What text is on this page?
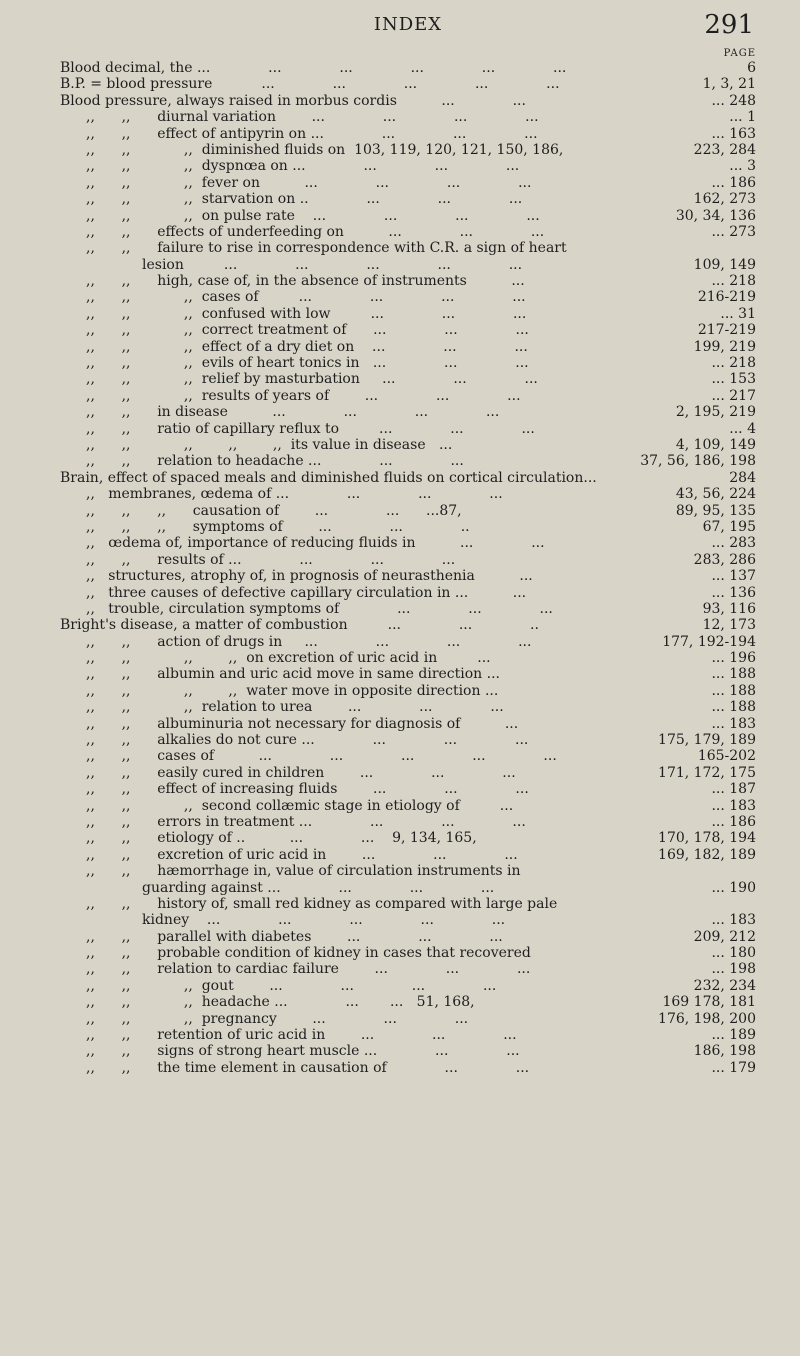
INDEX	291
PAGE
Blood decimal, the ...             ...             ...             ...             ...             ...	6
B.P. = blood pressure           ...             ...             ...             ...             ...	1, 3, 21
Blood pressure, always raised in morbus cordis          ...             ...	... 248
,,      ,,      diurnal variation        ...             ...             ...             ...	... 1
,,      ,,      effect of antipyrin on ...             ...             ...             ...	... 163
,,      ,,            ,,  diminished fluids on  103, 119, 120, 121, 150, 186,	223, 284
,,      ,,            ,,  dyspnœa on ...             ...             ...             ...	... 3
,,      ,,            ,,  fever on          ...             ...             ...             ...	... 186
,,      ,,            ,,  starvation on ..             ...             ...             ...	162, 273
,,      ,,            ,,  on pulse rate    ...             ...             ...             ...	30, 34, 136
,,      ,,      effects of underfeeding on          ...             ...             ...	... 273
,,      ,,      failure to rise in correspondence with C.R. a sign of heart
lesion         ...             ...             ...             ...             ...	109, 149
,,      ,,      high, case of, in the absence of instruments          ...	... 218
,,      ,,            ,,  cases of         ...             ...             ...             ...	216-219
,,      ,,            ,,  confused with low         ...             ...             ...	... 31
,,      ,,            ,,  correct treatment of      ...             ...             ...	217-219
,,      ,,            ,,  effect of a dry diet on    ...             ...             ...	199, 219
,,      ,,            ,,  evils of heart tonics in   ...             ...             ...	... 218
,,      ,,            ,,  relief by masturbation     ...             ...             ...	... 153
,,      ,,            ,,  results of years of        ...             ...             ...	... 217
,,      ,,      in disease          ...             ...             ...             ...	2, 195, 219
,,      ,,      ratio of capillary reflux to         ...             ...             ...	... 4
,,      ,,            ,,        ,,        ,,  its value in disease   ...	4, 109, 149
,,      ,,      relation to headache ...             ...             ...	37, 56, 186, 198
Brain, effect of spaced meals and diminished fluids on cortical circulation...	284
,,   membranes, œdema of ...             ...             ...             ...	43, 56, 224
,,      ,,      ,,      causation of        ...             ...      ...87,	89, 95, 135
,,      ,,      ,,      symptoms of        ...             ...             ..	67, 195
,,   œdema of, importance of reducing fluids in          ...             ...	... 283
,,      ,,      results of ...             ...             ...             ...	283, 286
,,   structures, atrophy of, in prognosis of neurasthenia          ...	... 137
,,   three causes of defective capillary circulation in ...          ...	... 136
,,   trouble, circulation symptoms of             ...             ...             ...	93, 116
Bright's disease, a matter of combustion         ...             ...             ..	12, 173
,,      ,,      action of drugs in     ...             ...             ...             ...	177, 192-194
,,      ,,            ,,        ,,  on excretion of uric acid in         ...	... 196
,,      ,,      albumin and uric acid move in same direction ...	... 188
,,      ,,            ,,        ,,  water move in opposite direction ...	... 188
,,      ,,            ,,  relation to urea        ...             ...             ...	... 188
,,      ,,      albuminuria not necessary for diagnosis of          ...	... 183
,,      ,,      alkalies do not cure ...             ...             ...             ...	175, 179, 189
,,      ,,      cases of          ...             ...             ...             ...             ...	165-202
,,      ,,      easily cured in children        ...             ...             ...	171, 172, 175
,,      ,,      effect of increasing fluids        ...             ...             ...	... 187
,,      ,,            ,,  second collæmic stage in etiology of         ...	... 183
,,      ,,      errors in treatment ...             ...             ...             ...	... 186
,,      ,,      etiology of ..          ...             ...    9, 134, 165,	170, 178, 194
,,      ,,      excretion of uric acid in        ...             ...             ...	169, 182, 189
,,      ,,      hæmorrhage in, value of circulation instruments in
guarding against ...             ...             ...             ...	... 190
,,      ,,      history of, small red kidney as compared with large pale
kidney    ...             ...             ...             ...             ...	... 183
,,      ,,      parallel with diabetes        ...             ...             ...	209, 212
,,      ,,      probable condition of kidney in cases that recovered	... 180
,,      ,,      relation to cardiac failure        ...             ...             ...	... 198
,,      ,,            ,,  gout        ...             ...             ...             ...	232, 234
,,      ,,            ,,  headache ...             ...       ...   51, 168,	169 178, 181
,,      ,,            ,,  pregnancy        ...             ...             ...	176, 198, 200
,,      ,,      retention of uric acid in        ...             ...             ...	... 189
,,      ,,      signs of strong heart muscle ...             ...             ...	186, 198
,,      ,,      the time element in causation of             ...             ...	... 179
